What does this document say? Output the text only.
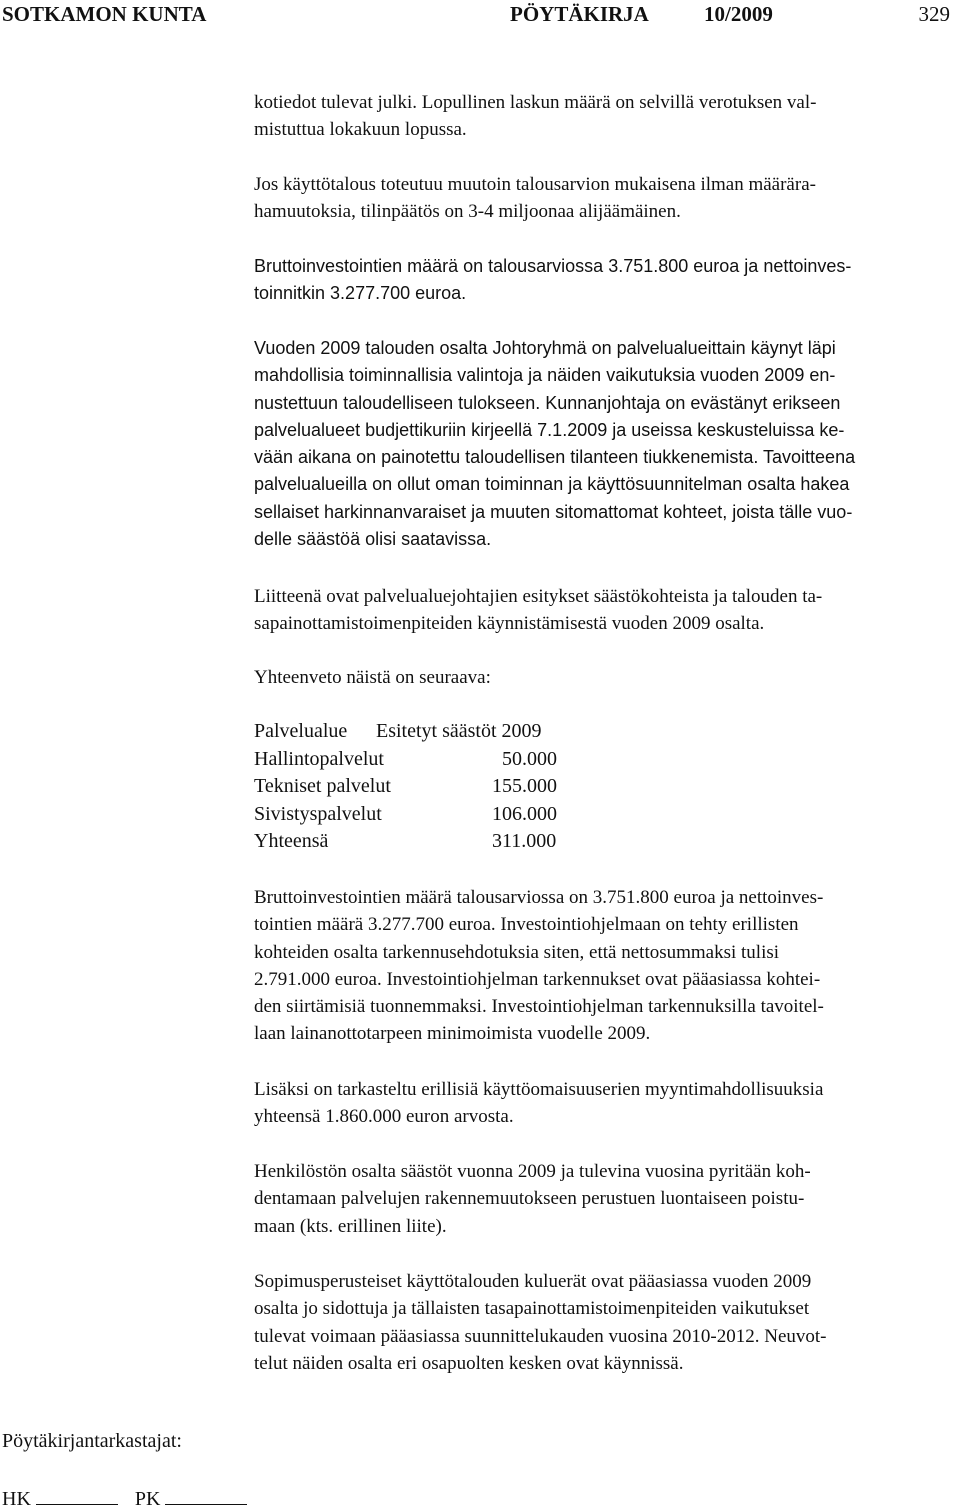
SOTKAMON KUNTA	PÖYTÄKIRJA	10/2009	329
kotiedot tulevat julki. Lopullinen laskun määrä on selvillä verotuksen val-
mistuttua lokakuun lopussa.
Jos käyttötalous toteutuu muutoin talousarvion mukaisena ilman määrära-
hamuutoksia, tilinpäätös on 3-4 miljoonaa alijäämäinen.
Bruttoinvestointien määrä on talousarviossa 3.751.800 euroa ja nettoinves-
toinnitkin 3.277.700 euroa.
Vuoden 2009 talouden osalta Johtoryhmä on palvelualueittain käynyt läpi
mahdollisia toiminnallisia valintoja ja näiden vaikutuksia vuoden 2009 en-
nustettuun taloudelliseen tulokseen. Kunnanjohtaja on evästänyt erikseen
palvelualueet budjettikuriin kirjeellä 7.1.2009 ja useissa keskusteluissa ke-
vään aikana on painotettu taloudellisen tilanteen tiukkenemista. Tavoitteena
palvelualueilla on ollut oman toiminnan ja käyttösuunnitelman osalta hakea
sellaiset harkinnanvaraiset ja muuten sitomattomat kohteet, joista tälle vuo-
delle säästöä olisi saatavissa.
Liitteenä ovat palvelualuejohtajien esitykset säästökohteista ja talouden ta-
sapainottamistoimenpiteiden käynnistämisestä vuoden 2009 osalta.
Yhteenveto näistä on seuraava:
Palvelualue Esitetyt säästöt 2009
Hallintopalvelut	50.000
Tekniset palvelut	155.000
Sivistyspalvelut	106.000
Yhteensä	311.000
Bruttoinvestointien määrä talousarviossa on 3.751.800 euroa ja nettoinves-
tointien määrä 3.277.700 euroa. Investointiohjelmaan on tehty erillisten
kohteiden osalta tarkennusehdotuksia siten, että nettosummaksi tulisi
2.791.000 euroa. Investointiohjelman tarkennukset ovat pääasiassa kohtei-
den siirtämisiä tuonnemmaksi. Investointiohjelman tarkennuksilla tavoitel-
laan lainanottotarpeen minimoimista vuodelle 2009.
Lisäksi on tarkasteltu erillisiä käyttöomaisuuserien myyntimahdollisuuksia
yhteensä 1.860.000 euron arvosta.
Henkilöstön osalta säästöt vuonna 2009 ja tulevina vuosina pyritään koh-
dentamaan palvelujen rakennemuutokseen perustuen luontaiseen poistu-
maan (kts. erillinen liite).
Sopimusperusteiset käyttötalouden kuluerät ovat pääasiassa vuoden 2009
osalta jo sidottuja ja tällaisten tasapainottamistoimenpiteiden vaikutukset
tulevat voimaan pääasiassa suunnittelukauden vuosina 2010-2012. Neuvot-
telut näiden osalta eri osapuolten kesken ovat käynnissä.
Pöytäkirjantarkastajat:
HK	PK
